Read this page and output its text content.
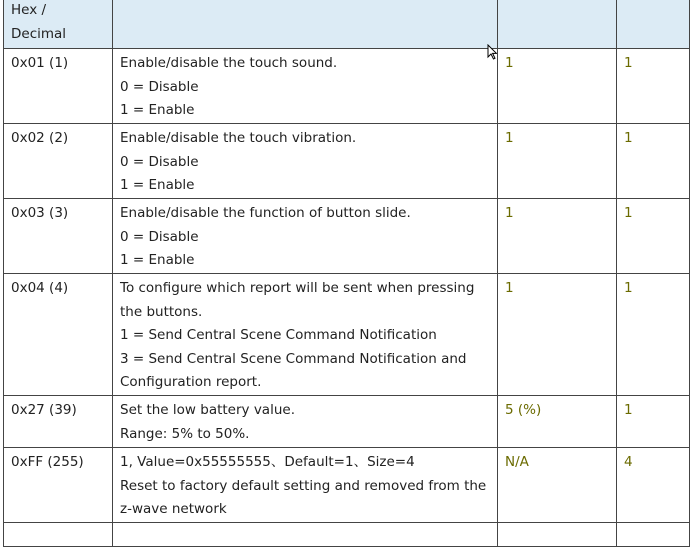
Hex /
Decimal			

0x01 (1)	Enable/disable the touch sound.
0 = Disable
1 = Enable	1	1
0x02 (2)	Enable/disable the touch vibration.
0 = Disable
1 = Enable	1	1
0x03 (3)	Enable/disable the function of button slide.
0 = Disable
1 = Enable	1	1
0x04 (4)	To configure which report will be sent when pressing
the buttons.
1 = Send Central Scene Command Notification
3 = Send Central Scene Command Notification and
Configuration report.	1	1
0x27 (39)	Set the low battery value.
Range: 5% to 50%.	5 (%)	1
0xFF (255)	1, Value=0x55555555、Default=1、Size=4
Reset to factory default setting and removed from the
z-wave network	N/A	4
